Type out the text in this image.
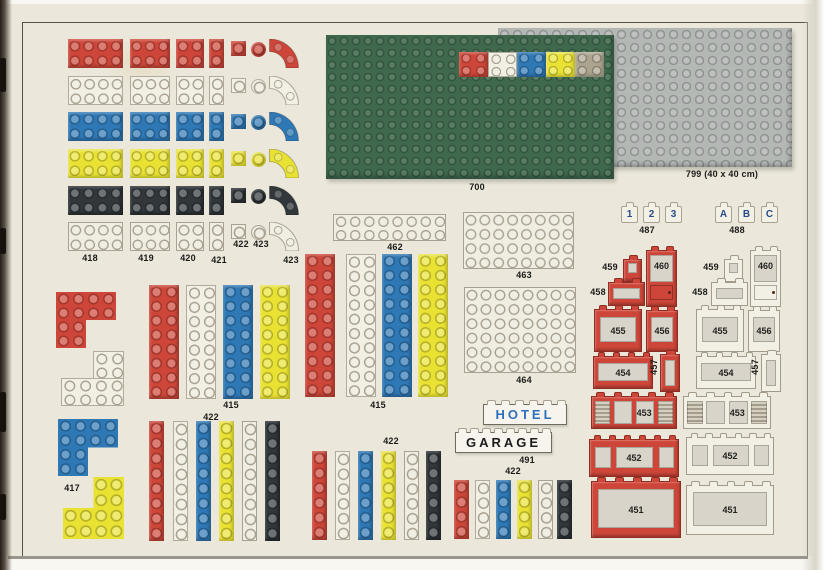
460
455	456
454
453
452
451
460
455	456
454
453
452
451
1	2	3	A	B	C
HOTEL
GARAGE
418	419	420 421
422 423
423
700
799 (40 x 40 cm)
487	488
462
463
464
415
422
415
422
417
491
422
459
458
459
458
457	457
